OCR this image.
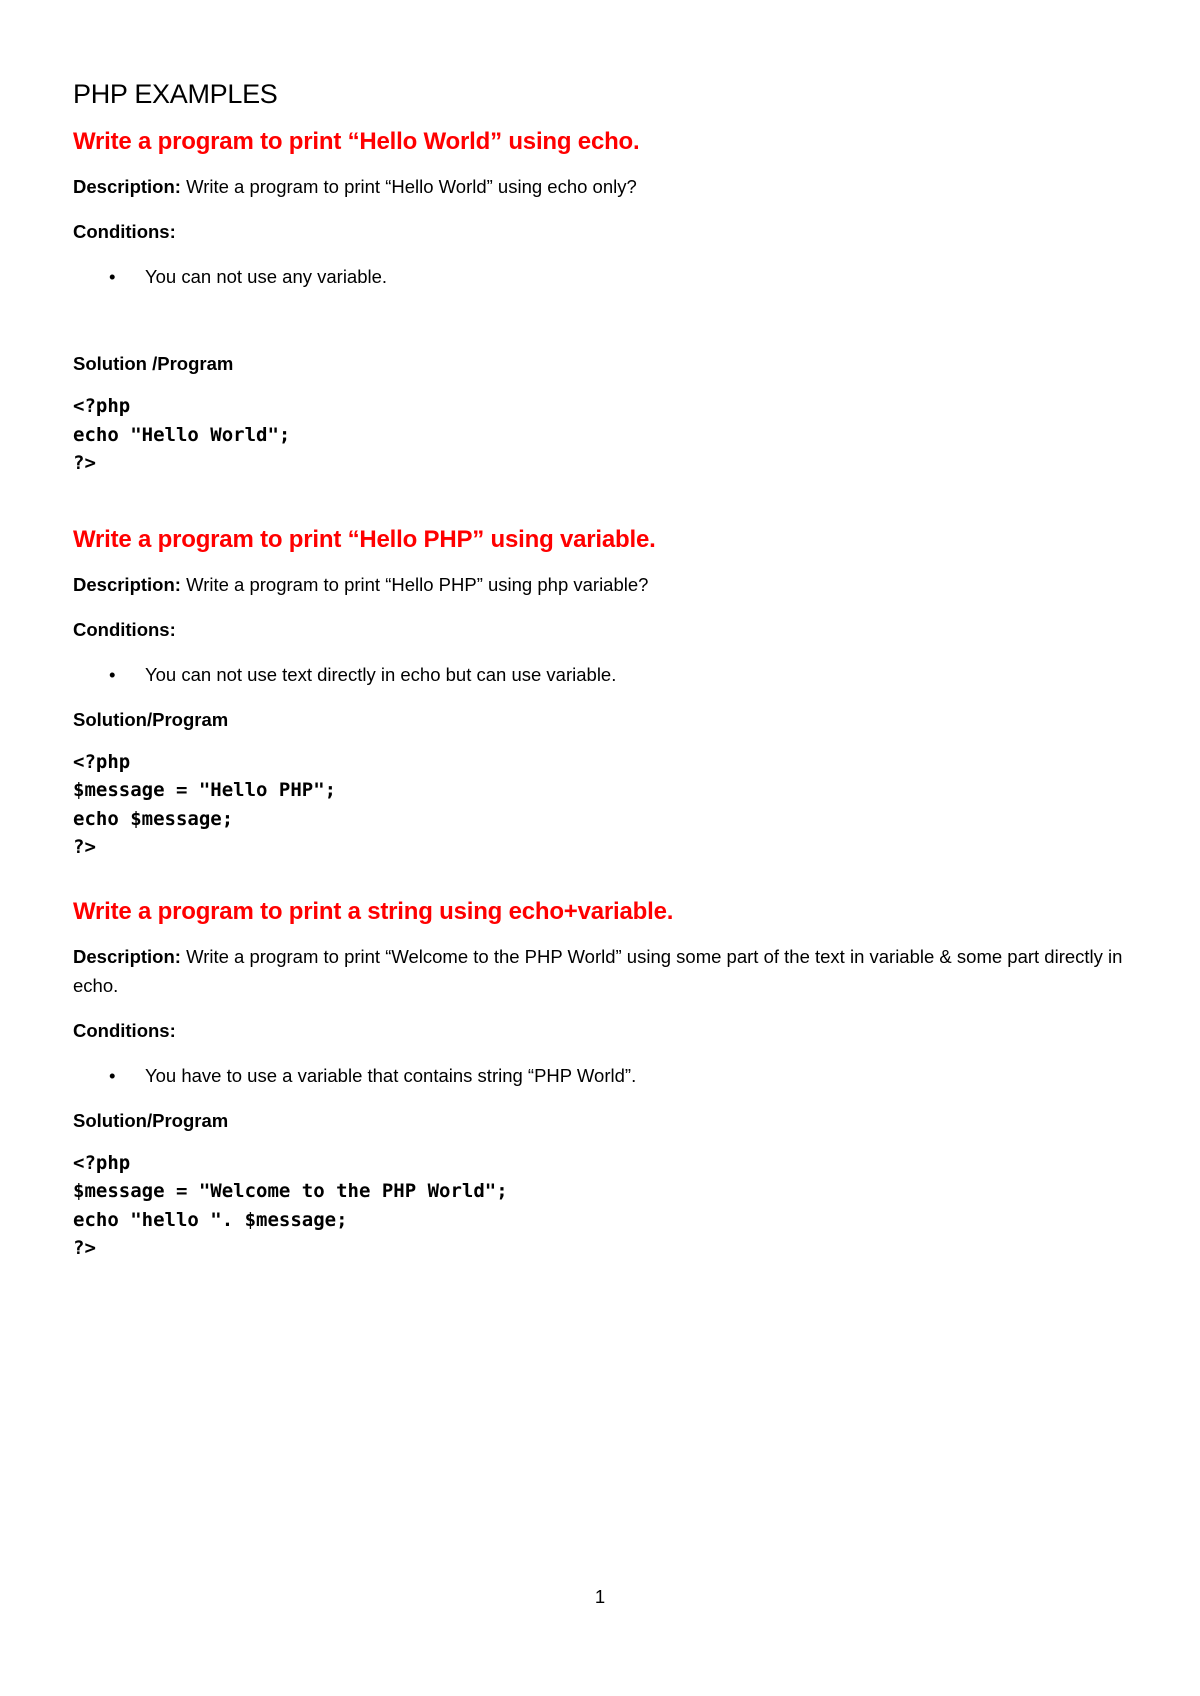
PHP EXAMPLES
Write a program to print “Hello World” using echo.
Description: Write a program to print “Hello World” using echo only?
Conditions:
• You can not use any variable.
Solution /Program
<?php
echo "Hello World";
?>
Write a program to print “Hello PHP” using variable.
Description: Write a program to print “Hello PHP” using php variable?
Conditions:
• You can not use text directly in echo but can use variable.
Solution/Program
<?php
$message = "Hello PHP";
echo $message;
?>
Write a program to print a string using echo+variable.
Description: Write a program to print “Welcome to the PHP World” using some part of the text in variable & some part directly in echo.
Conditions:
• You have to use a variable that contains string “PHP World”.
Solution/Program
<?php
$message = "Welcome to the PHP World";
echo "hello ". $message;
?>
1
